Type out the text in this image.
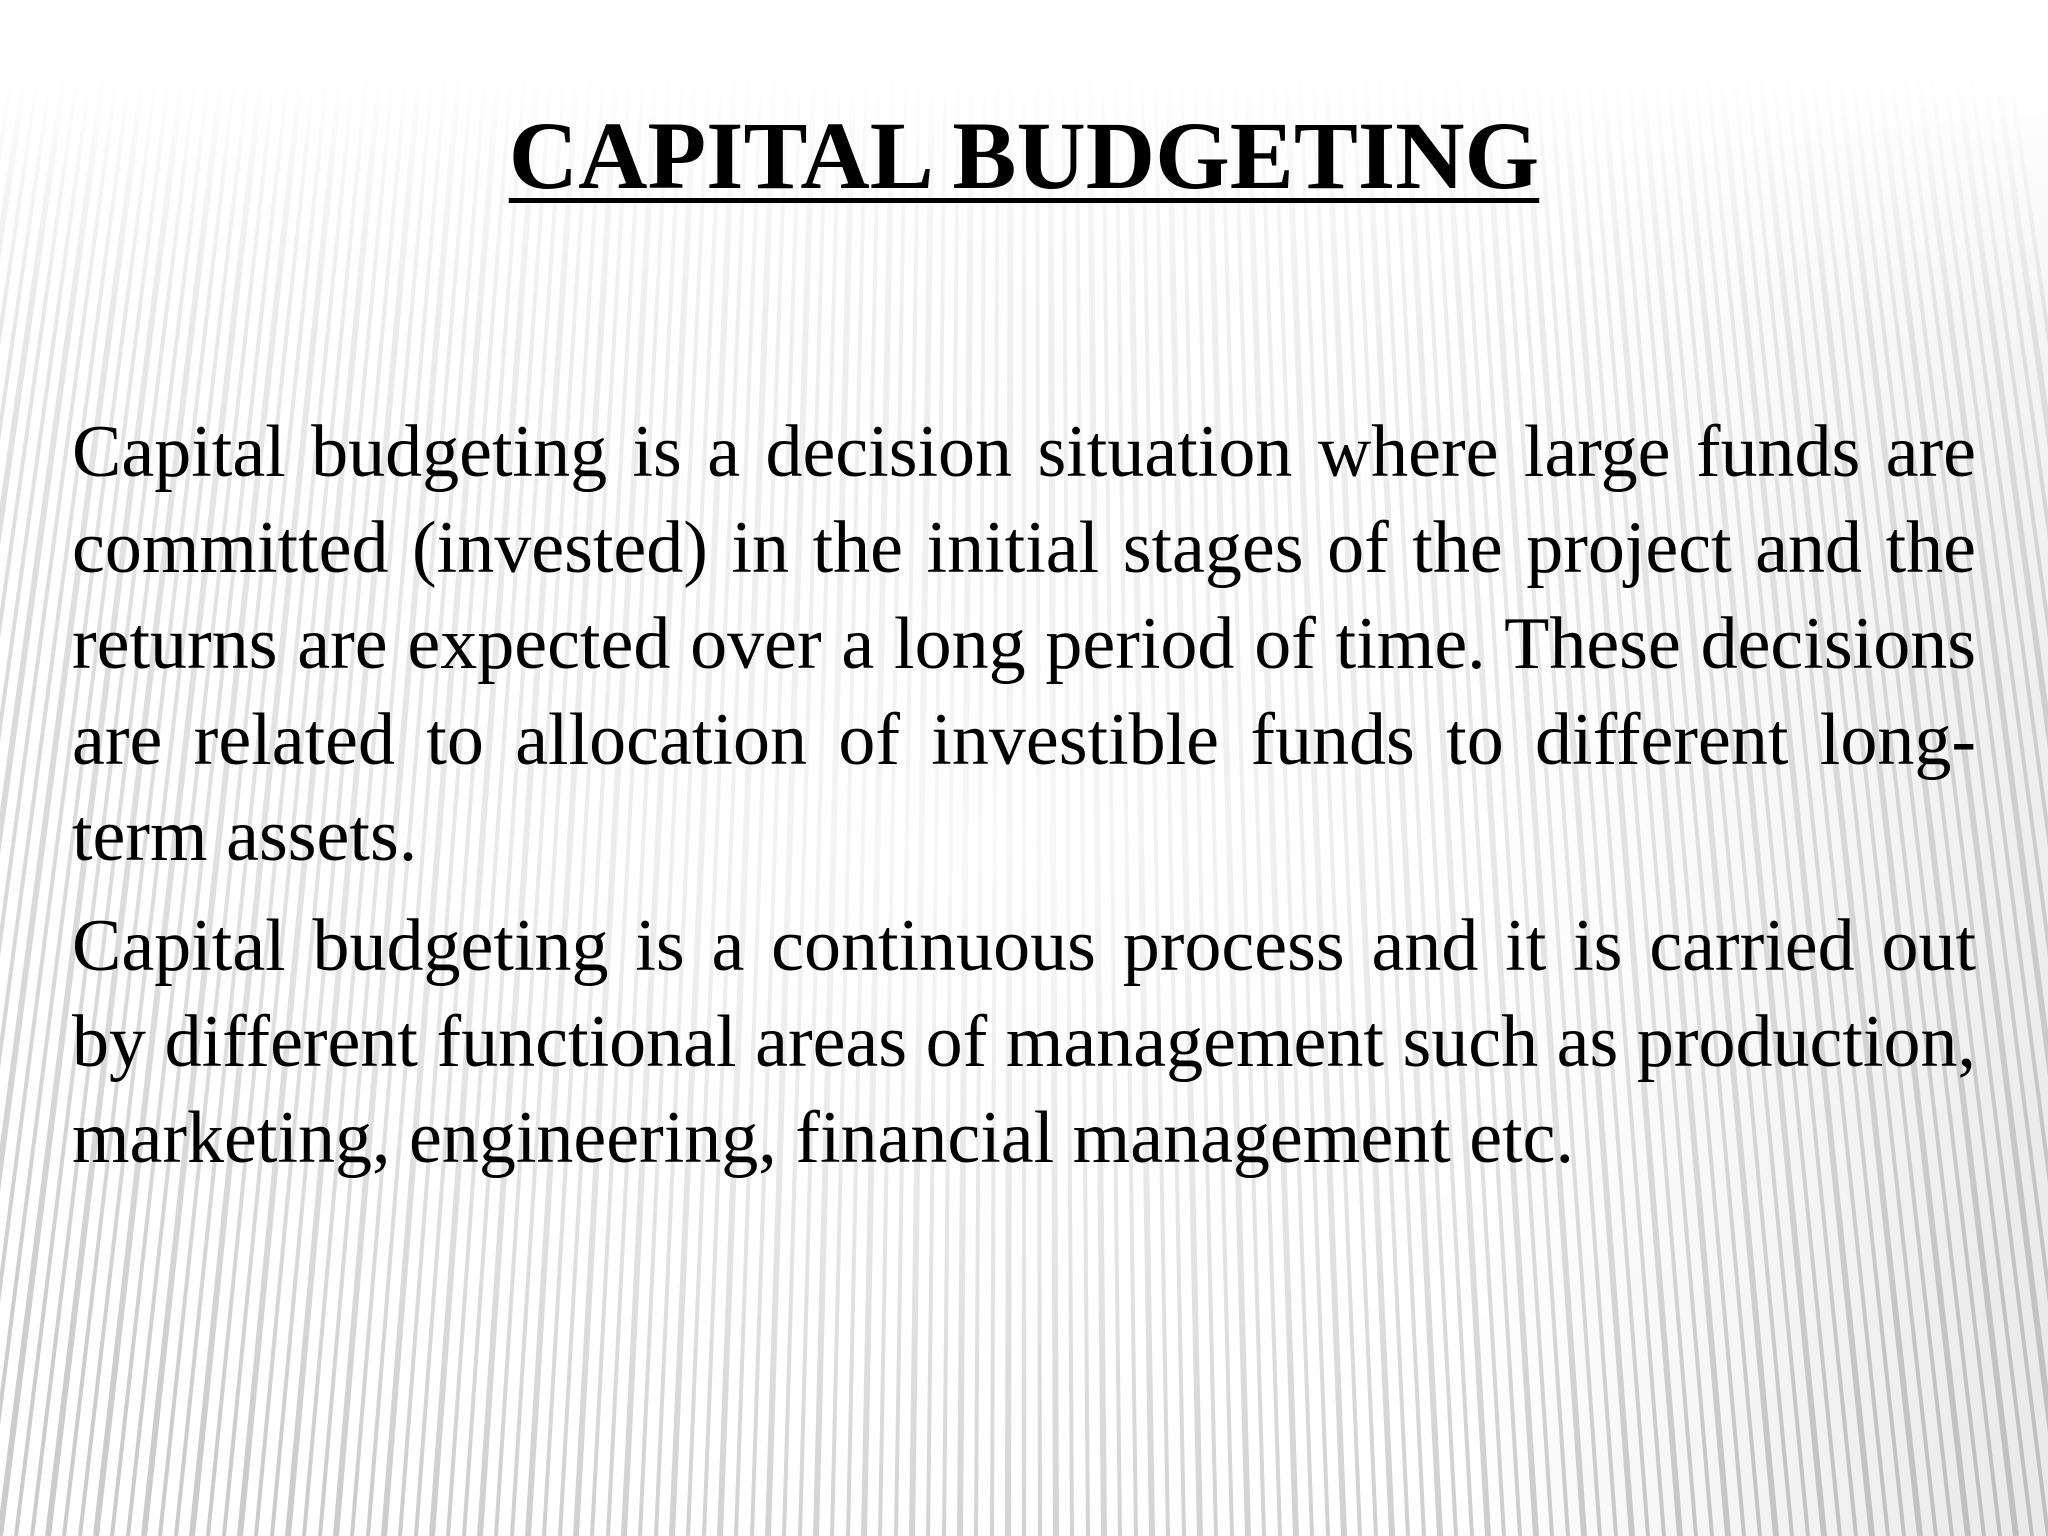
CAPITAL BUDGETING

Capital budgeting is a decision situation where large funds are committed (invested) in the initial stages of the project and the returns are expected over a long period of time. These decisions are related to allocation of investible funds to different long-term assets.

Capital budgeting is a continuous process and it is carried out by different functional areas of management such as production, marketing, engineering, financial management etc.
